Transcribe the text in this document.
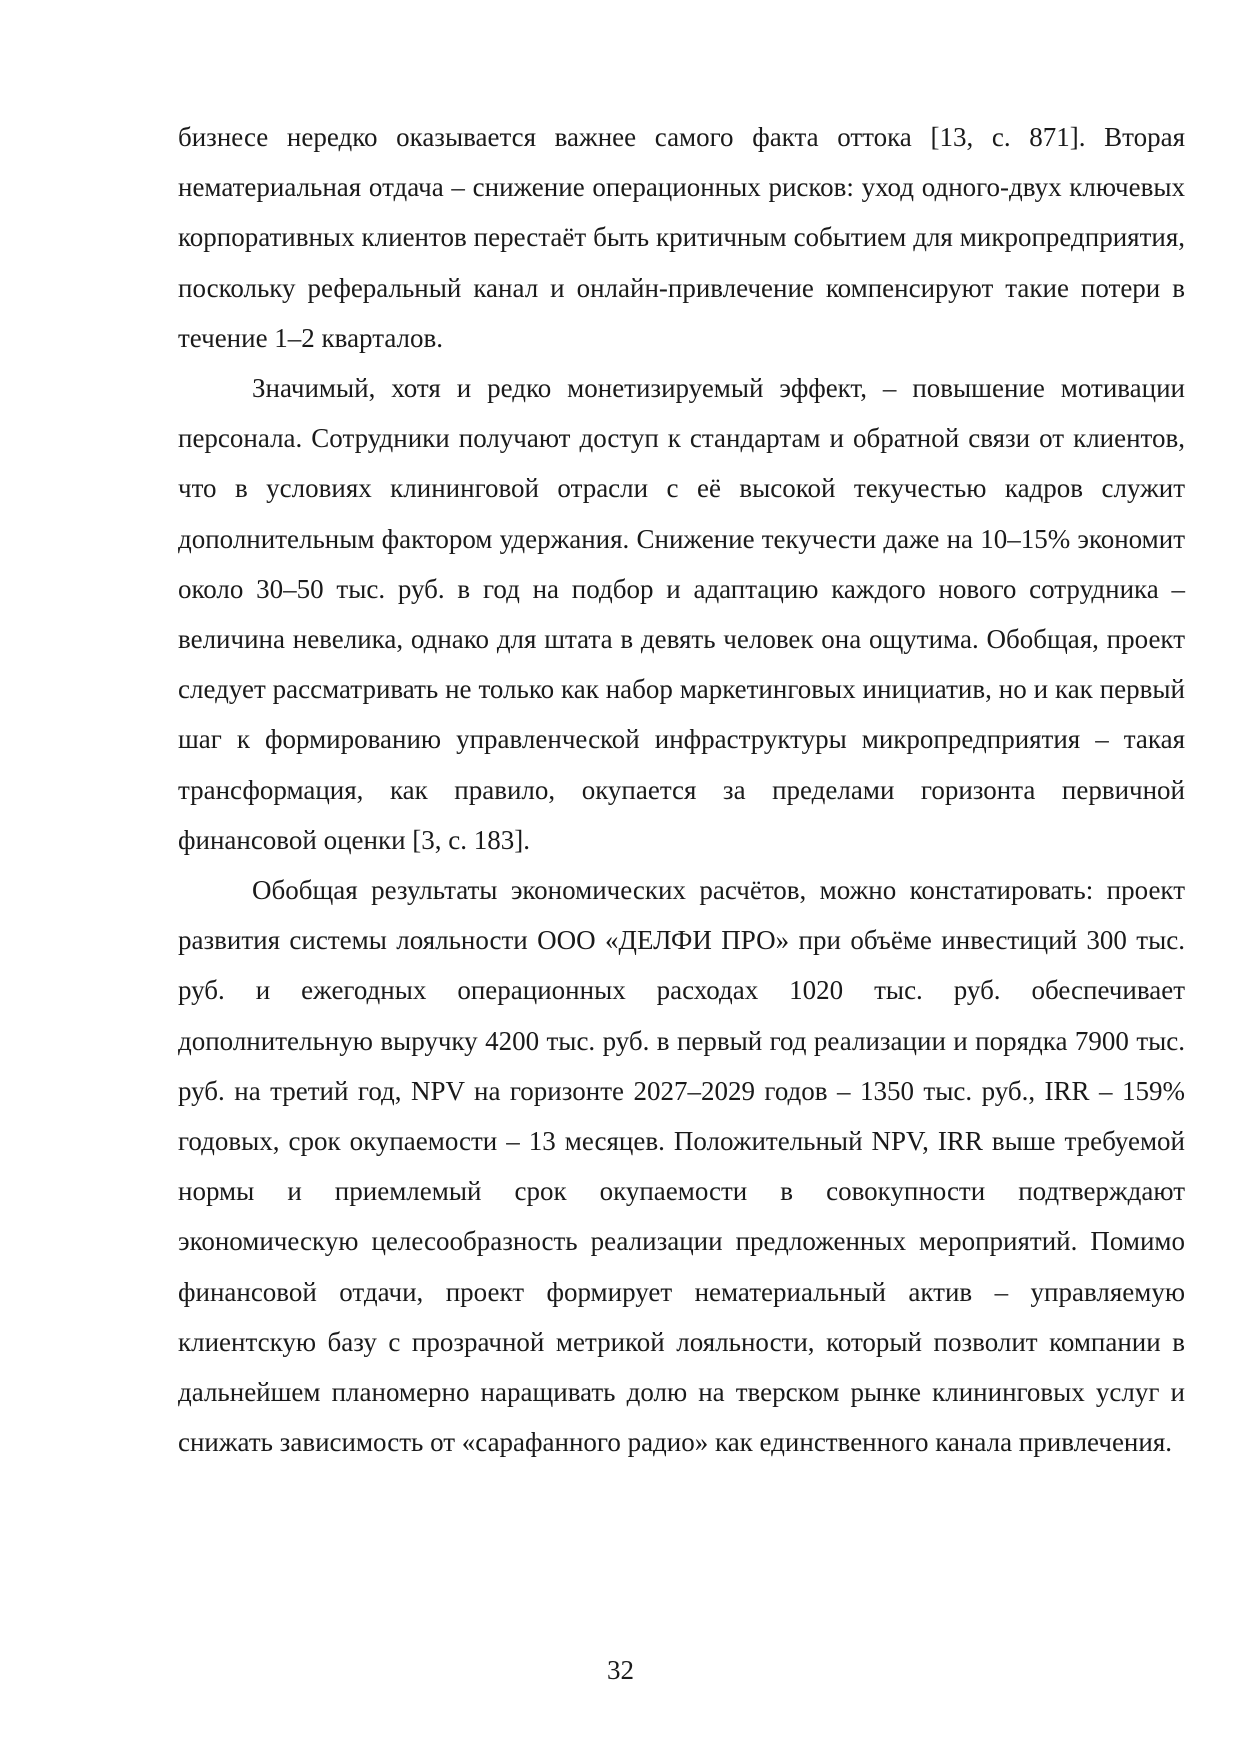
бизнесе нередко оказывается важнее самого факта оттока [13, с. 871]. Вторая нематериальная отдача – снижение операционных рисков: уход одного-двух ключевых корпоративных клиентов перестаёт быть критичным событием для микропредприятия, поскольку реферальный канал и онлайн-привлечение компенсируют такие потери в течение 1–2 кварталов.

Значимый, хотя и редко монетизируемый эффект, – повышение мотивации персонала. Сотрудники получают доступ к стандартам и обратной связи от клиентов, что в условиях клининговой отрасли с её высокой текучестью кадров служит дополнительным фактором удержания. Снижение текучести даже на 10–15% экономит около 30–50 тыс. руб. в год на подбор и адаптацию каждого нового сотрудника – величина невелика, однако для штата в девять человек она ощутима. Обобщая, проект следует рассматривать не только как набор маркетинговых инициатив, но и как первый шаг к формированию управленческой инфраструктуры микропредприятия – такая трансформация, как правило, окупается за пределами горизонта первичной финансовой оценки [3, с. 183].

Обобщая результаты экономических расчётов, можно констатировать: проект развития системы лояльности ООО «ДЕЛФИ ПРО» при объёме инвестиций 300 тыс. руб. и ежегодных операционных расходах 1020 тыс. руб. обеспечивает дополнительную выручку 4200 тыс. руб. в первый год реализации и порядка 7900 тыс. руб. на третий год, NPV на горизонте 2027–2029 годов – 1350 тыс. руб., IRR – 159% годовых, срок окупаемости – 13 месяцев. Положительный NPV, IRR выше требуемой нормы и приемлемый срок окупаемости в совокупности подтверждают экономическую целесообразность реализации предложенных мероприятий. Помимо финансовой отдачи, проект формирует нематериальный актив – управляемую клиентскую базу с прозрачной метрикой лояльности, который позволит компании в дальнейшем планомерно наращивать долю на тверском рынке клининговых услуг и снижать зависимость от «сарафанного радио» как единственного канала привлечения.

32
